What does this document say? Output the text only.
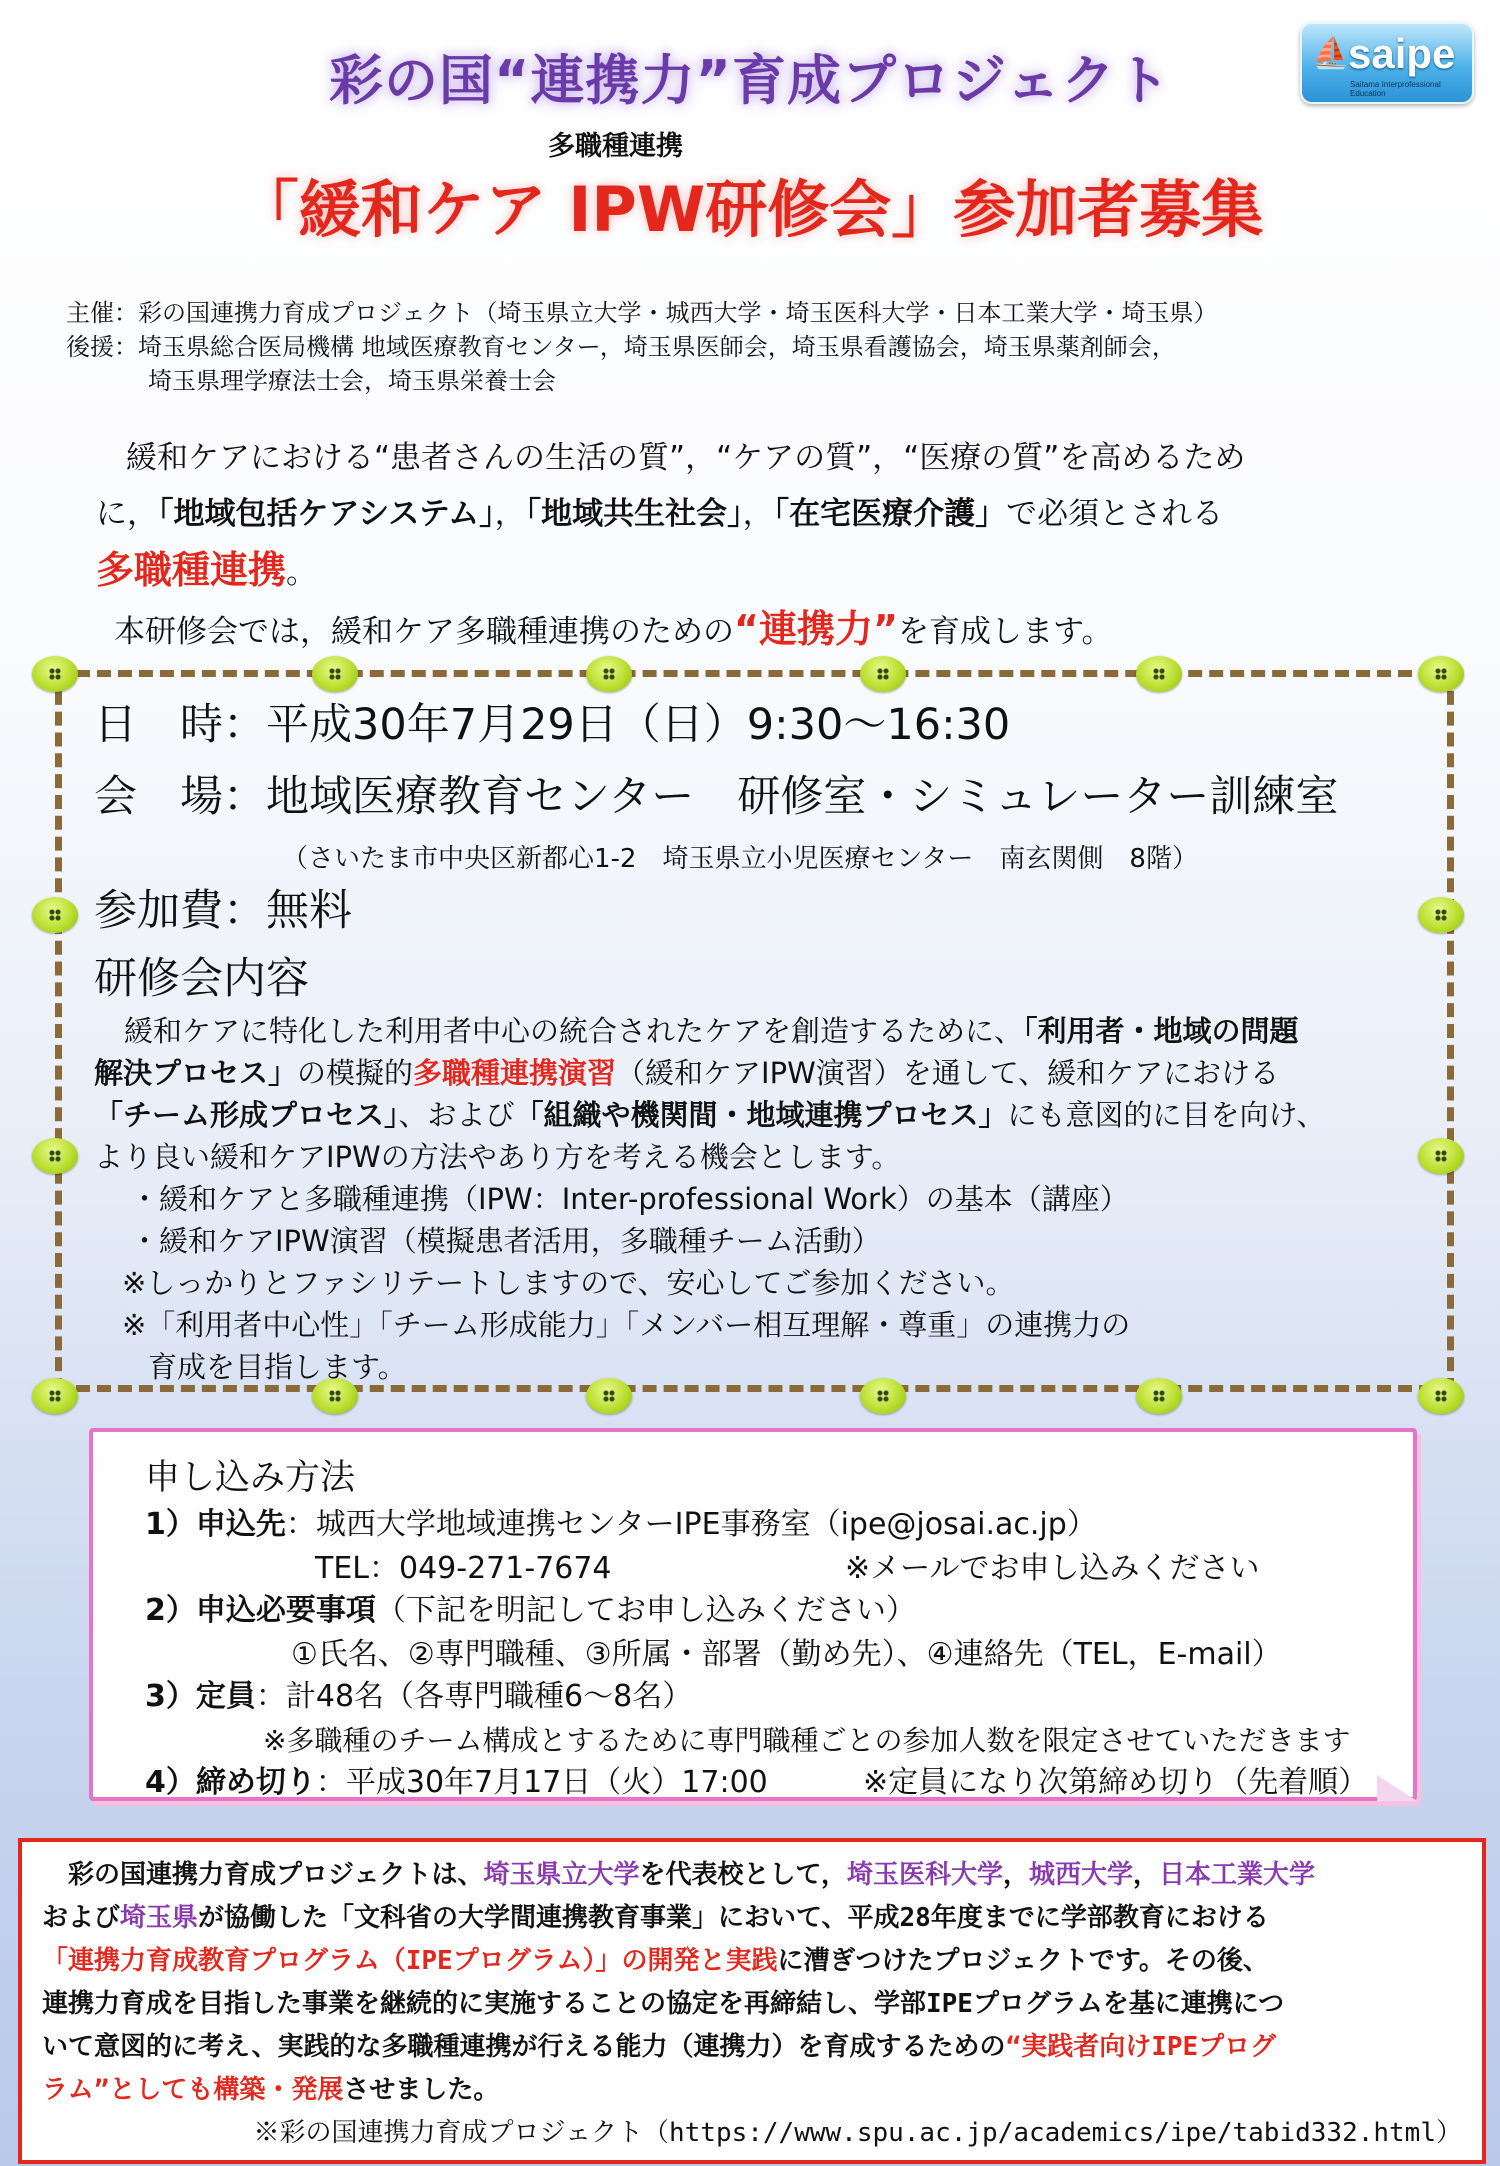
彩の国“連携力”育成プロジェクト	⛵
saipe
Saitama Interprofessional Education
多職種連携
「緩和ケア IPW研修会」参加者募集
主催：彩の国連携力育成プロジェクト（埼玉県立大学・城西大学・埼玉医科大学・日本工業大学・埼玉県）
後援：埼玉県総合医局機構 地域医療教育センター，埼玉県医師会，埼玉県看護協会，埼玉県薬剤師会，
埼玉県理学療法士会，埼玉県栄養士会

緩和ケアにおける“患者さんの生活の質”，“ケアの質”，“医療の質”を高めるため

に，「地域包括ケアシステム」，「地域共生社会」，「在宅医療介護」で必須とされる

多職種連携。

本研修会では，緩和ケア多職種連携のための“連携力”を育成します。

日　時：平成30年7月29日（日）9:30～16:30
会　場：地域医療教育センター　研修室・シミュレーター訓練室
（さいたま市中央区新都心1-2　埼玉県立小児医療センター　南玄関側　8階）
参加費：無料
研修会内容

緩和ケアに特化した利用者中心の統合されたケアを創造するために、「利用者・地域の問題

解決プロセス」の模擬的多職種連携演習（緩和ケアIPW演習）を通して、緩和ケアにおける

「チーム形成プロセス」、および「組織や機関間・地域連携プロセス」にも意図的に目を向け、

より良い緩和ケアIPWの方法やあり方を考える機会とします。

・緩和ケアと多職種連携（IPW：Inter-professional Work）の基本（講座）

・緩和ケアIPW演習（模擬患者活用，多職種チーム活動）

※しっかりとファシリテートしますので、安心してご参加ください。

※「利用者中心性」「チーム形成能力」「メンバー相互理解・尊重」の連携力の

育成を目指します。

申し込み方法
1）申込先：城西大学地域連携センターIPE事務室（ipe@josai.ac.jp）
TEL：049-271-7674	※メールでお申し込みください
2）申込必要事項（下記を明記してお申し込みください）
①氏名、②専門職種、③所属・部署（勤め先）、④連絡先（TEL，E-mail）
3）定員：計48名（各専門職種6～8名）
※多職種のチーム構成とするために専門職種ごとの参加人数を限定させていただきます
4）締め切り：平成30年7月17日（火）17:00	※定員になり次第締め切り（先着順）

彩の国連携力育成プロジェクトは、埼玉県立大学を代表校として，埼玉医科大学，城西大学，日本工業大学

および埼玉県が協働した「文科省の大学間連携教育事業」において、平成28年度までに学部教育における

「連携力育成教育プログラム（IPEプログラム）」の開発と実践に漕ぎつけたプロジェクトです。その後、

連携力育成を目指した事業を継続的に実施することの協定を再締結し、学部IPEプログラムを基に連携につ

いて意図的に考え、実践的な多職種連携が行える能力（連携力）を育成するための“実践者向けIPEプログ

ラム”としても構築・発展させました。

※彩の国連携力育成プロジェクト（https://www.spu.ac.jp/academics/ipe/tabid332.html）
